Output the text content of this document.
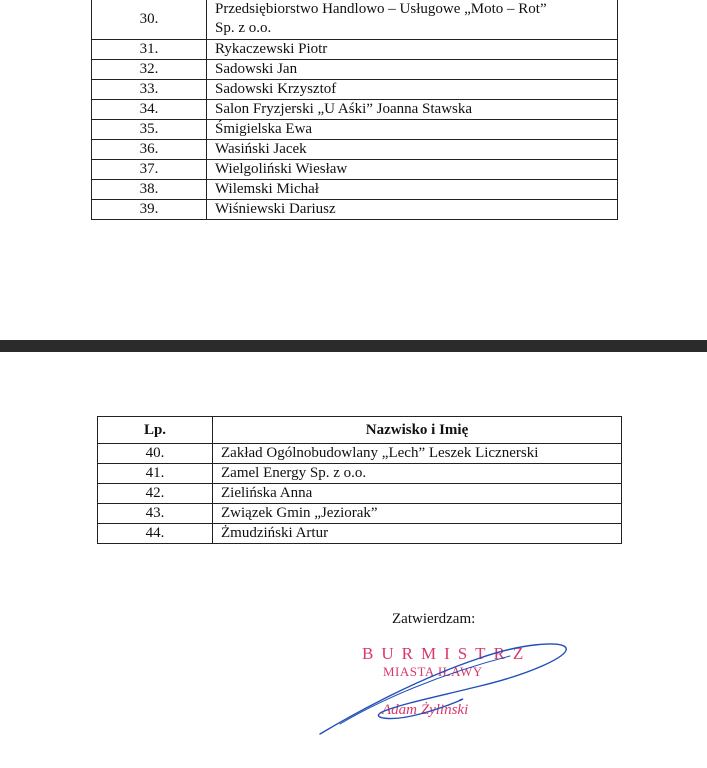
30.	Przedsiębiorstwo Handlowo – Usługowe „Moto – Rot”
Sp. z o.o.
31.	Rykaczewski Piotr
32.	Sadowski Jan
33.	Sadowski Krzysztof
34.	Salon Fryzjerski „U Aśki” Joanna Stawska
35.	Śmigielska Ewa
36.	Wasiński Jacek
37.	Wielgoliński Wiesław
38.	Wilemski Michał
39.	Wiśniewski Dariusz
Lp.	Nazwisko i Imię
40.	Zakład Ogólnobudowlany „Lech” Leszek Licznerski
41.	Zamel Energy Sp. z o.o.
42.	Zielińska Anna
43.	Związek Gmin „Jeziorak”
44.	Żmudziński Artur
Zatwierdzam:
BURMISTRZ
MIASTA IŁAWY
Adam Żyliński
